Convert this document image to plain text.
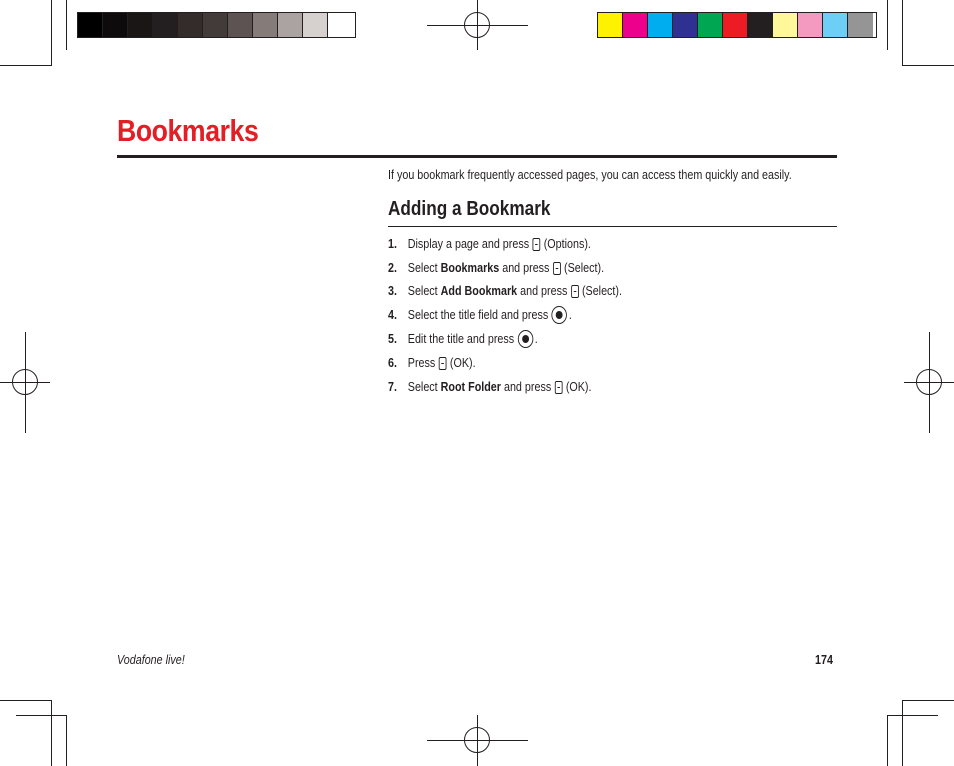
Bookmarks
If you bookmark frequently accessed pages, you can access them quickly and easily.
Adding a Bookmark
1. Display a page and press (Options).
2. Select
Bookmarks
and press (Select).
3. Select
Add Bookmark
and press (Select).
4. Select the title field and press .
5. Edit the title and press .
6. Press (OK).
7. Select
Root Folder
and press (OK).
Vodafone live!	174
